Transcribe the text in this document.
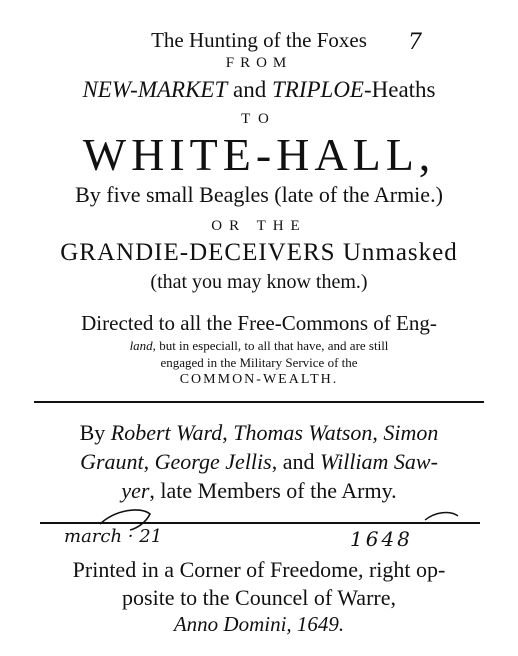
The Hunting of the Foxes	7
FROM
NEW-MARKET and TRIPLOE-Heaths
TO
WHITE-HALL,
By five small Beagles (late of the Armie.)
OR THE
GRANDIE-DECEIVERS Unmasked
(that you may know them.)
Directed to all the Free-Commons of Eng-
land, but in especiall, to all that have, and are still
engaged in the Military Service of the
COMMON-WEALTH.
By Robert Ward, Thomas Watson, Simon
Graunt, George Jellis, and William Saw-
yer, late Members of the Army.
march · 21	1648
Printed in a Corner of Freedome, right op-
posite to the Councel of Warre,
Anno Domini, 1649.
